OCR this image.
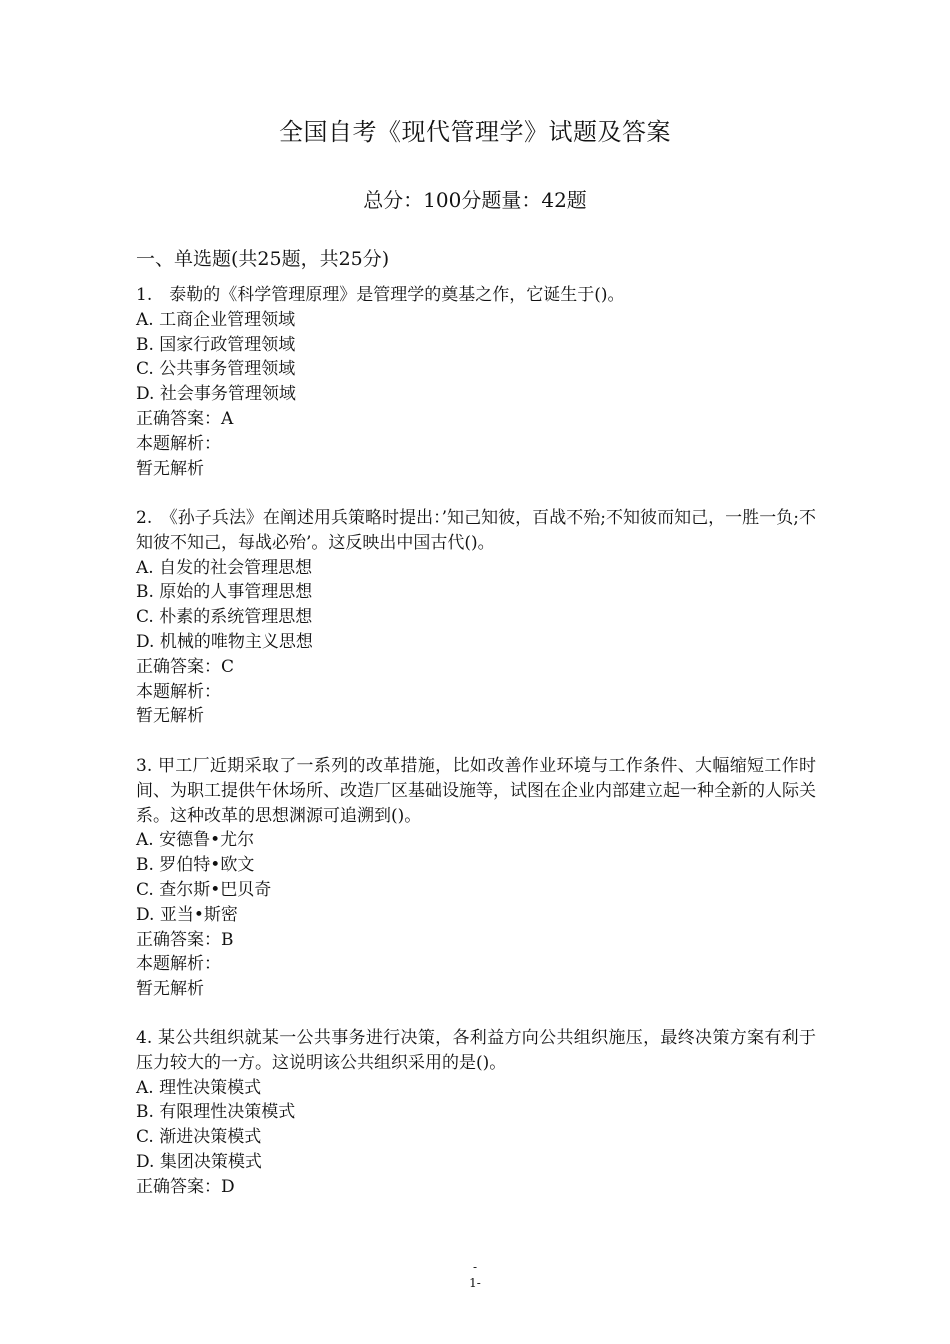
全国自考《现代管理学》试题及答案
总分：100分题量：42题
一、单选题(共25题，共25分)
1.　泰勒的《科学管理原理》是管理学的奠基之作，它诞生于()。
A. 工商企业管理领域
B. 国家行政管理领域
C. 公共事务管理领域
D. 社会事务管理领域
正确答案：A
本题解析：
暂无解析
2.　《孙子兵法》在阐述用兵策略时提出：’知己知彼，百战不殆;不知彼而知己，一胜一负;不知彼不知己，每战必殆’。这反映出中国古代()。
A. 自发的社会管理思想
B. 原始的人事管理思想
C. 朴素的系统管理思想
D. 机械的唯物主义思想
正确答案：C
本题解析：
暂无解析
3. 甲工厂近期采取了一系列的改革措施，比如改善作业环境与工作条件、大幅缩短工作时间、为职工提供午休场所、改造厂区基础设施等，试图在企业内部建立起一种全新的人际关系。这种改革的思想渊源可追溯到()。
A. 安德鲁•尤尔
B. 罗伯特•欧文
C. 查尔斯•巴贝奇
D. 亚当•斯密
正确答案：B
本题解析：
暂无解析
4. 某公共组织就某一公共事务进行决策，各利益方向公共组织施压，最终决策方案有利于压力较大的一方。这说明该公共组织采用的是()。
A. 理性决策模式
B. 有限理性决策模式
C. 渐进决策模式
D. 集团决策模式
正确答案：D
-
1-
